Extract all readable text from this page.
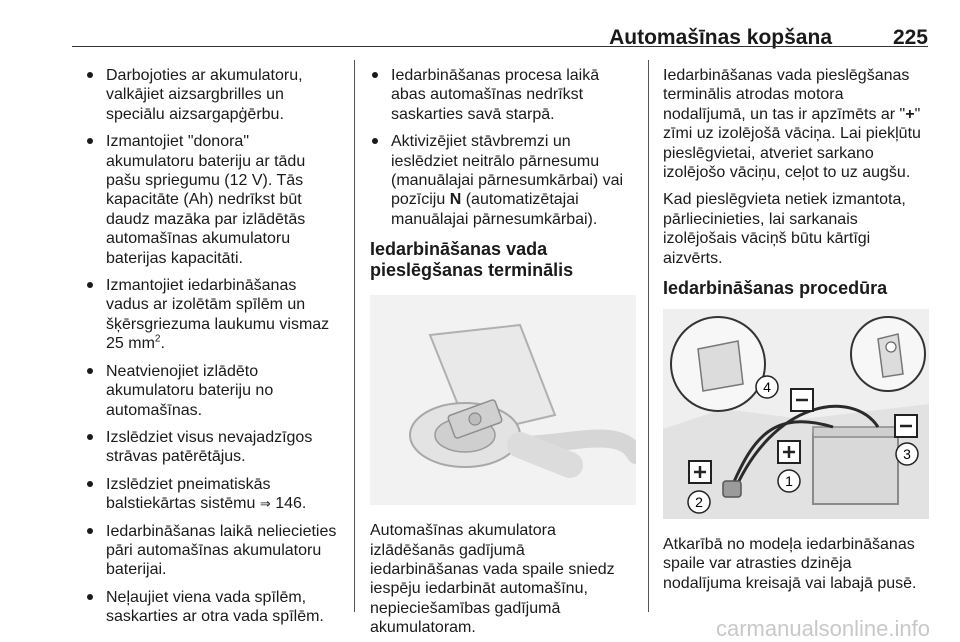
Automašīnas kopšana	225
Darbojoties ar akumulatoru,
valkājiet aizsargbrilles un
speciālu aizsargapģērbu.
Izmantojiet "donora"
akumulatoru bateriju ar tādu
pašu spriegumu (12 V). Tās
kapacitāte (Ah) nedrīkst būt
daudz mazāka par izlādētās
automašīnas akumulatoru
baterijas kapacitāti.
Izmantojiet iedarbināšanas
vadus ar izolētām spīlēm un
šķērsgriezuma laukumu vismaz
25 $mm^2$.
Neatvienojiet izlādēto
akumulatoru bateriju no
automašīnas.
Izslēdziet visus nevajadzīgos
strāvas patērētājus.
Izslēdziet pneimatiskās
balstiekārtas sistēmu ⇒ 146.
Iedarbināšanas laikā neliecieties
pāri automašīnas akumulatoru
baterijai.
Neļaujiet viena vada spīlēm,
saskarties ar otra vada spīlēm.
Iedarbināšanas procesa laikā
abas automašīnas nedrīkst
saskarties savā starpā.
Aktivizējiet stāvbremzi un
ieslēdziet neitrālo pārnesumu
(manuālajai pārnesumkārbai) vai
pozīciju N (automatizētajai
manuālajai pārnesumkārbai).
Iedarbināšanas vada
pieslēgšanas terminālis
Automašīnas akumulatora
izlādēšanās gadījumā
iedarbināšanas vada spaile sniedz
iespēju iedarbināt automašīnu,
nepieciešamības gadījumā
akumulatoram.
Iedarbināšanas vada pieslēgšanas
terminālis atrodas motora
nodalījumā, un tas ir apzīmēts ar "+"
zīmi uz izolējošā vāciņa. Lai piekļūtu
pieslēgvietai, atveriet sarkano
izolējošo vāciņu, ceļot to uz augšu.
Kad pieslēgvieta netiek izmantota,
pārliecinieties, lai sarkanais
izolējošais vāciņš būtu kārtīgi
aizvērts.
Iedarbināšanas procedūra
1
2
3
4
Atkarībā no modeļa iedarbināšanas
spaile var atrasties dzinēja
nodalījuma kreisajā vai labajā pusē.
carmanualsonline.info
